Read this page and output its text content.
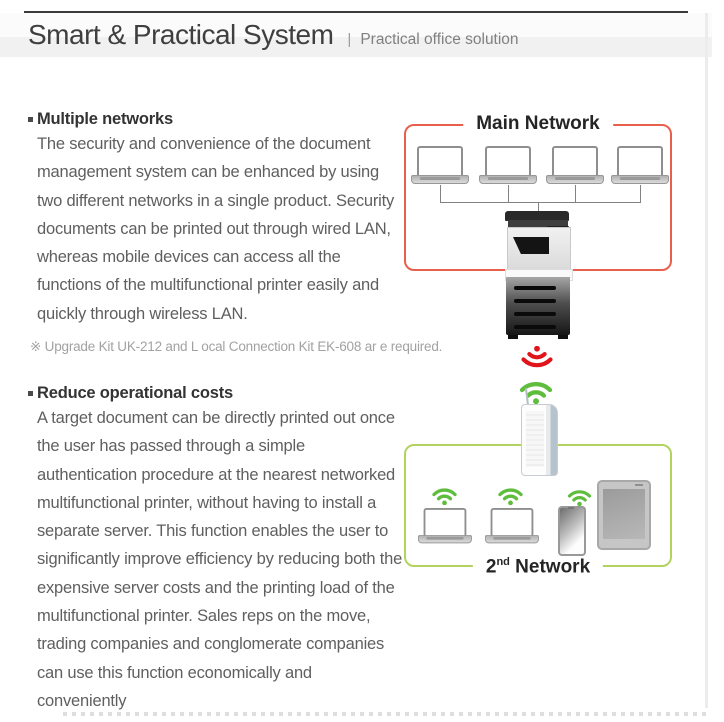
Smart & Practical System | Practical office solution
Multiple networks
The security and convenience of the document management system can be enhanced by using two different networks in a single product. Security documents can be printed out through wired LAN, whereas mobile devices can access all the functions of the multifunctional printer easily and quickly through wireless LAN.
※ Upgrade Kit UK-212 and L ocal Connection Kit EK-608 ar e required.
Reduce operational costs
A target document can be directly printed out once the user has passed through a simple authentication procedure at the nearest networked multifunctional printer, without having to install a separate server. This function enables the user to significantly improve efficiency by reducing both the expensive server costs and the printing load of the multifunctional printer. Sales reps on the move, trading companies and conglomerate companies can use this function economically and conveniently
Main Network
2nd Network
